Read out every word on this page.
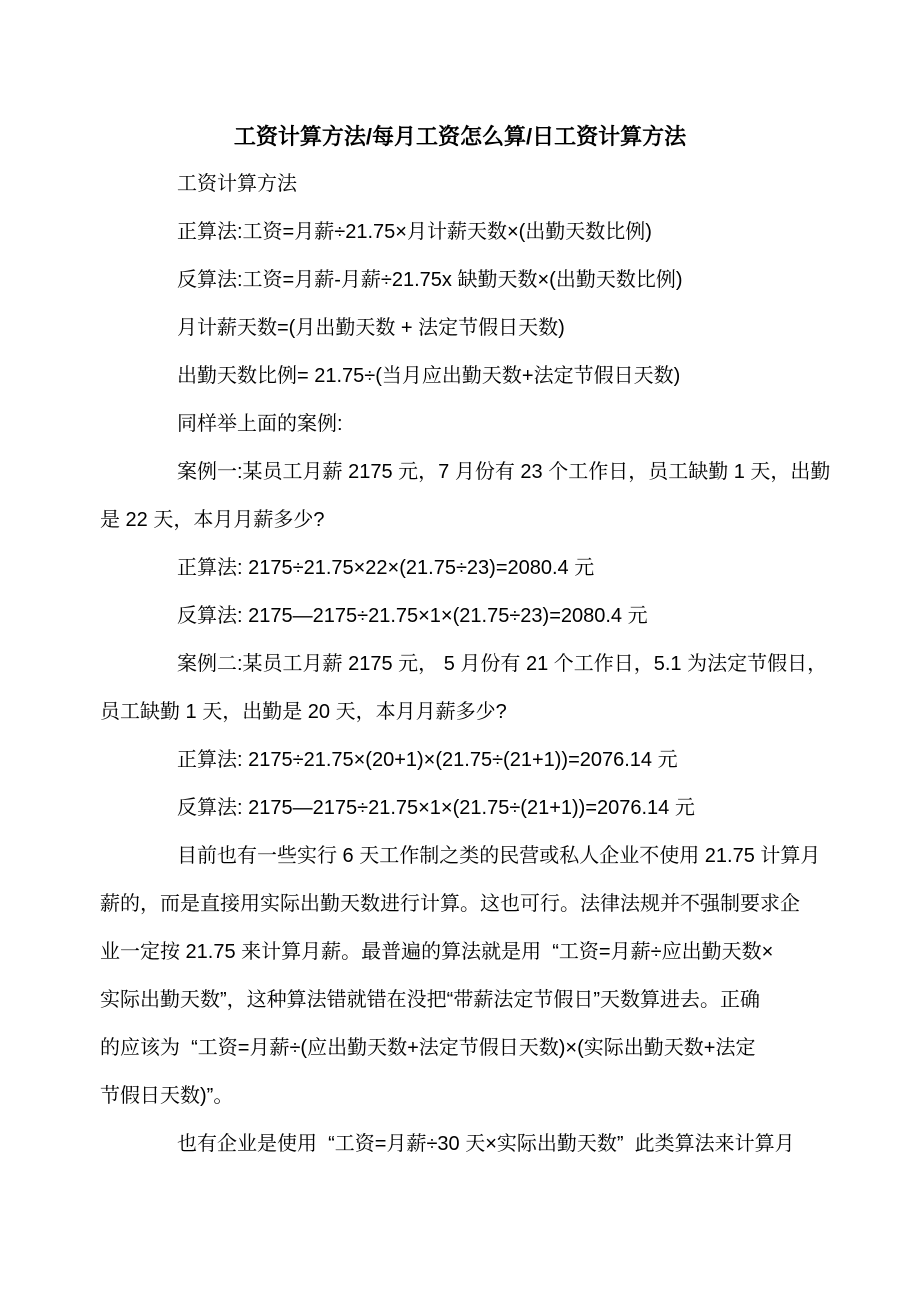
工资计算方法/每月工资怎么算/日工资计算方法
工资计算方法
正算法:工资=月薪÷21.75×月计薪天数×(出勤天数比例)
反算法:工资=月薪-月薪÷21.75x 缺勤天数×(出勤天数比例)
月计薪天数=(月出勤天数 + 法定节假日天数)
出勤天数比例= 21.75÷(当月应出勤天数+法定节假日天数)
同样举上面的案例:
案例一:某员工月薪 2175 元，7 月份有 23 个工作日，员工缺勤 1 天，出勤
是 22 天，本月月薪多少?
正算法: 2175÷21.75×22×(21.75÷23)=2080.4 元
反算法: 2175—2175÷21.75×1×(21.75÷23)=2080.4 元
案例二:某员工月薪 2175 元， 5 月份有 21 个工作日，5.1 为法定节假日，
员工缺勤 1 天，出勤是 20 天，本月月薪多少?
正算法: 2175÷21.75×(20+1)×(21.75÷(21+1))=2076.14 元
反算法: 2175—2175÷21.75×1×(21.75÷(21+1))=2076.14 元
目前也有一些实行 6 天工作制之类的民营或私人企业不使用 21.75 计算月
薪的，而是直接用实际出勤天数进行计算。这也可行。法律法规并不强制要求企
业一定按 21.75 来计算月薪。最普遍的算法就是用  “工资=月薪÷应出勤天数×
实际出勤天数”，这种算法错就错在没把“带薪法定节假日”天数算进去。正确
的应该为  “工资=月薪÷(应出勤天数+法定节假日天数)×(实际出勤天数+法定
节假日天数)”。
也有企业是使用  “工资=月薪÷30 天×实际出勤天数”  此类算法来计算月
